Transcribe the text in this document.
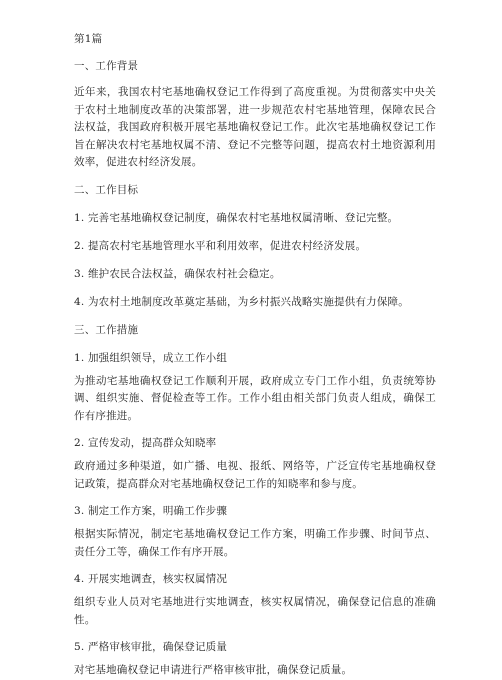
第1篇
一、工作背景
近年来，我国农村宅基地确权登记工作得到了高度重视。为贯彻落实中央关于农村土地制度改革的决策部署，进一步规范农村宅基地管理，保障农民合法权益，我国政府积极开展宅基地确权登记工作。此次宅基地确权登记工作旨在解决农村宅基地权属不清、登记不完整等问题，提高农村土地资源利用效率，促进农村经济发展。
二、工作目标
1. 完善宅基地确权登记制度，确保农村宅基地权属清晰、登记完整。
2. 提高农村宅基地管理水平和利用效率，促进农村经济发展。
3. 维护农民合法权益，确保农村社会稳定。
4. 为农村土地制度改革奠定基础，为乡村振兴战略实施提供有力保障。
三、工作措施
1. 加强组织领导，成立工作小组
为推动宅基地确权登记工作顺利开展，政府成立专门工作小组，负责统筹协调、组织实施、督促检查等工作。工作小组由相关部门负责人组成，确保工作有序推进。
2. 宣传发动，提高群众知晓率
政府通过多种渠道，如广播、电视、报纸、网络等，广泛宣传宅基地确权登记政策，提高群众对宅基地确权登记工作的知晓率和参与度。
3. 制定工作方案，明确工作步骤
根据实际情况，制定宅基地确权登记工作方案，明确工作步骤、时间节点、责任分工等，确保工作有序开展。
4. 开展实地调查，核实权属情况
组织专业人员对宅基地进行实地调查，核实权属情况，确保登记信息的准确性。
5. 严格审核审批，确保登记质量
对宅基地确权登记申请进行严格审核审批，确保登记质量。
